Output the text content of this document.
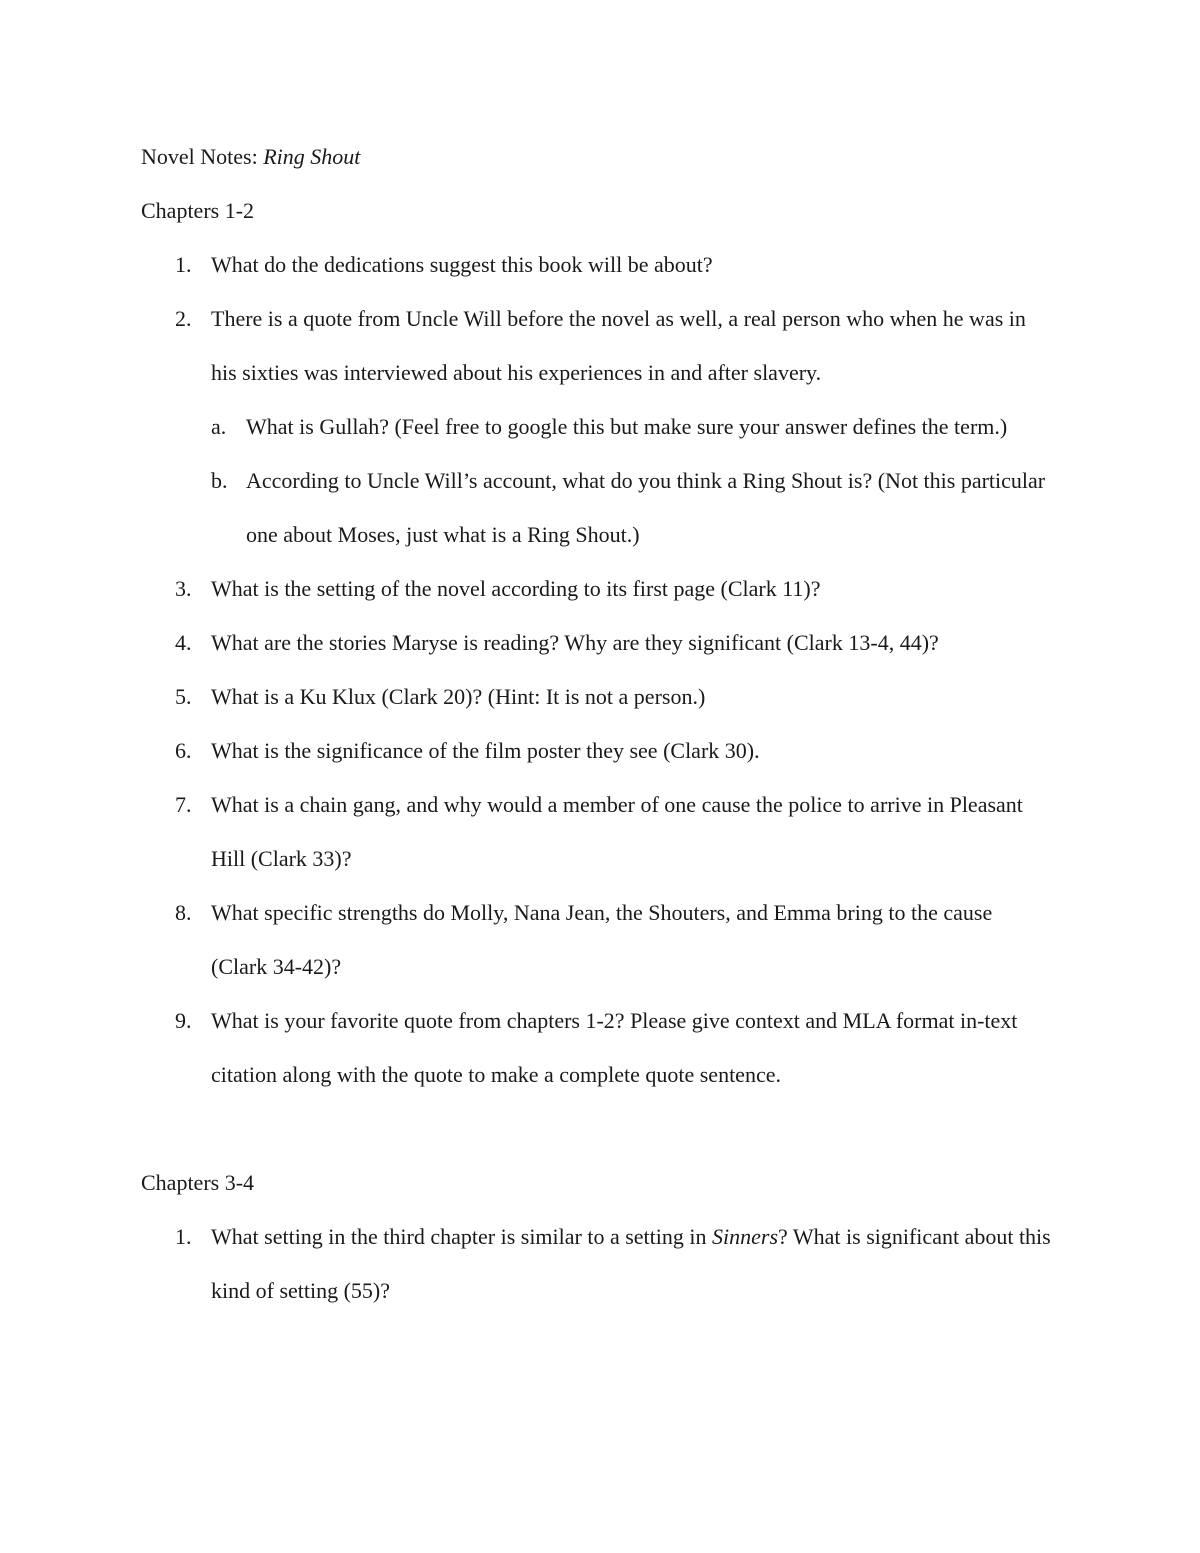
Novel Notes: Ring Shout
Chapters 1-2
1. What do the dedications suggest this book will be about?
2. There is a quote from Uncle Will before the novel as well, a real person who when he was in his sixties was interviewed about his experiences in and after slavery.
a. What is Gullah? (Feel free to google this but make sure your answer defines the term.)
b. According to Uncle Will’s account, what do you think a Ring Shout is? (Not this particular one about Moses, just what is a Ring Shout.)
3. What is the setting of the novel according to its first page (Clark 11)?
4. What are the stories Maryse is reading? Why are they significant (Clark 13-4, 44)?
5. What is a Ku Klux (Clark 20)? (Hint: It is not a person.)
6. What is the significance of the film poster they see (Clark 30).
7. What is a chain gang, and why would a member of one cause the police to arrive in Pleasant Hill (Clark 33)?
8. What specific strengths do Molly, Nana Jean, the Shouters, and Emma bring to the cause (Clark 34-42)?
9. What is your favorite quote from chapters 1-2? Please give context and MLA format in-text citation along with the quote to make a complete quote sentence.
Chapters 3-4
1. What setting in the third chapter is similar to a setting in Sinners? What is significant about this kind of setting (55)?
